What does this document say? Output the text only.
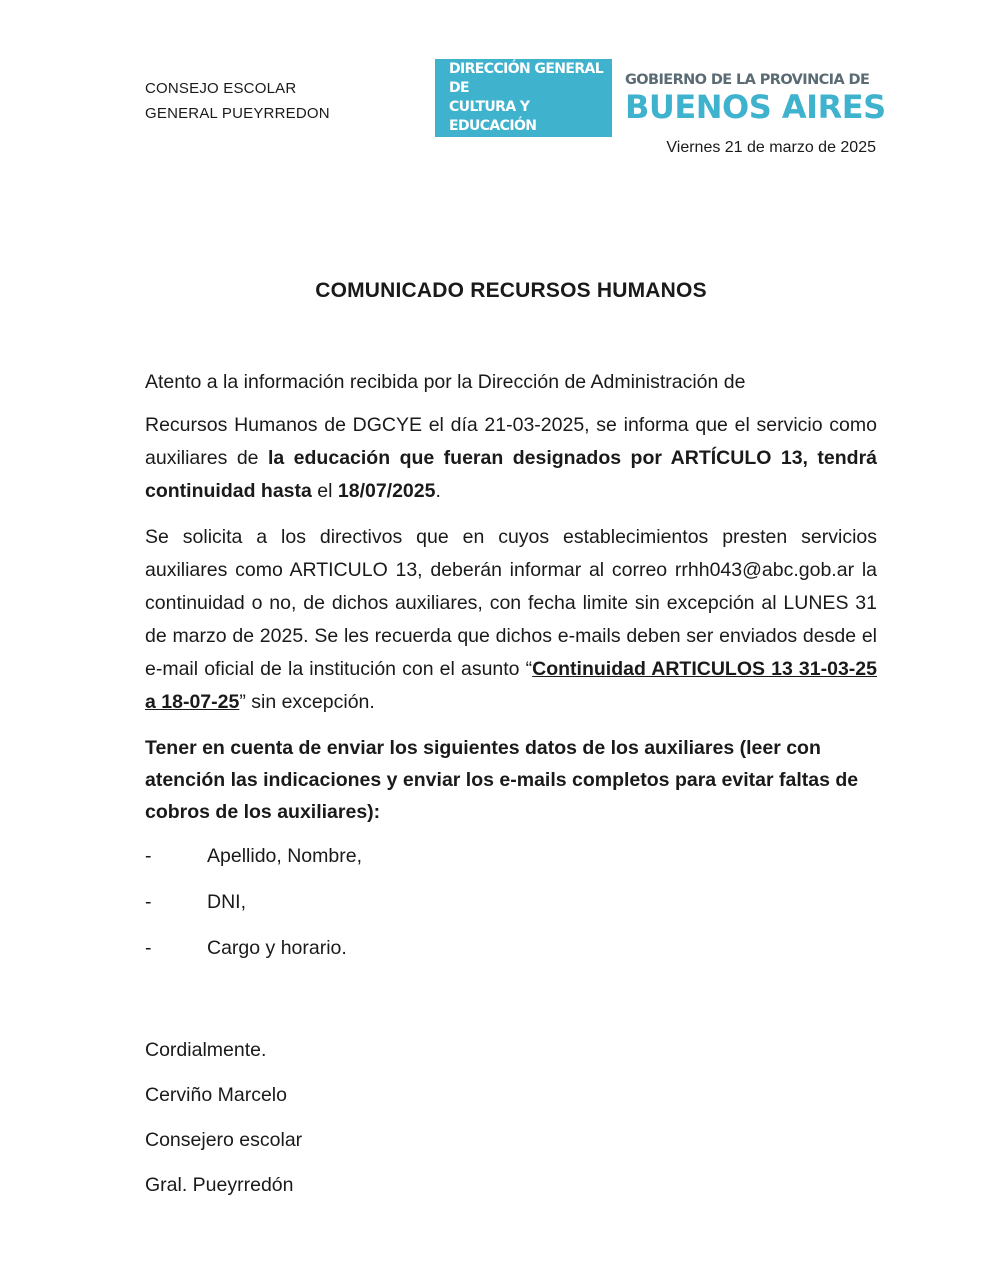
CONSEJO ESCOLAR
GENERAL PUEYRREDON
DIRECCIÓN GENERAL DE
CULTURA Y EDUCACIÓN
GOBIERNO DE LA PROVINCIA DE
BUENOS AIRES
Viernes 21 de marzo de 2025
COMUNICADO RECURSOS HUMANOS
Atento a la información recibida por la Dirección de Administración de
Recursos Humanos de DGCYE el día 21-03-2025, se informa que el servicio como auxiliares de la educación que fueran designados por ARTÍCULO 13, tendrá continuidad hasta el 18/07/2025.
Se solicita a los directivos que en cuyos establecimientos presten servicios auxiliares como ARTICULO 13, deberán informar al correo rrhh043@abc.gob.ar la continuidad o no, de dichos auxiliares, con fecha limite sin excepción al LUNES 31 de marzo de 2025. Se les recuerda que dichos e-mails deben ser enviados desde el e-mail oficial de la institución con el asunto “Continuidad ARTICULOS 13 31-03-25 a 18-07-25” sin excepción.
Tener en cuenta de enviar los siguientes datos de los auxiliares (leer con atención las indicaciones y enviar los e-mails completos para evitar faltas de cobros de los auxiliares):
-	Apellido, Nombre,
-	DNI,
-	Cargo y horario.
Cordialmente.
Cerviño Marcelo
Consejero escolar
Gral. Pueyrredón
